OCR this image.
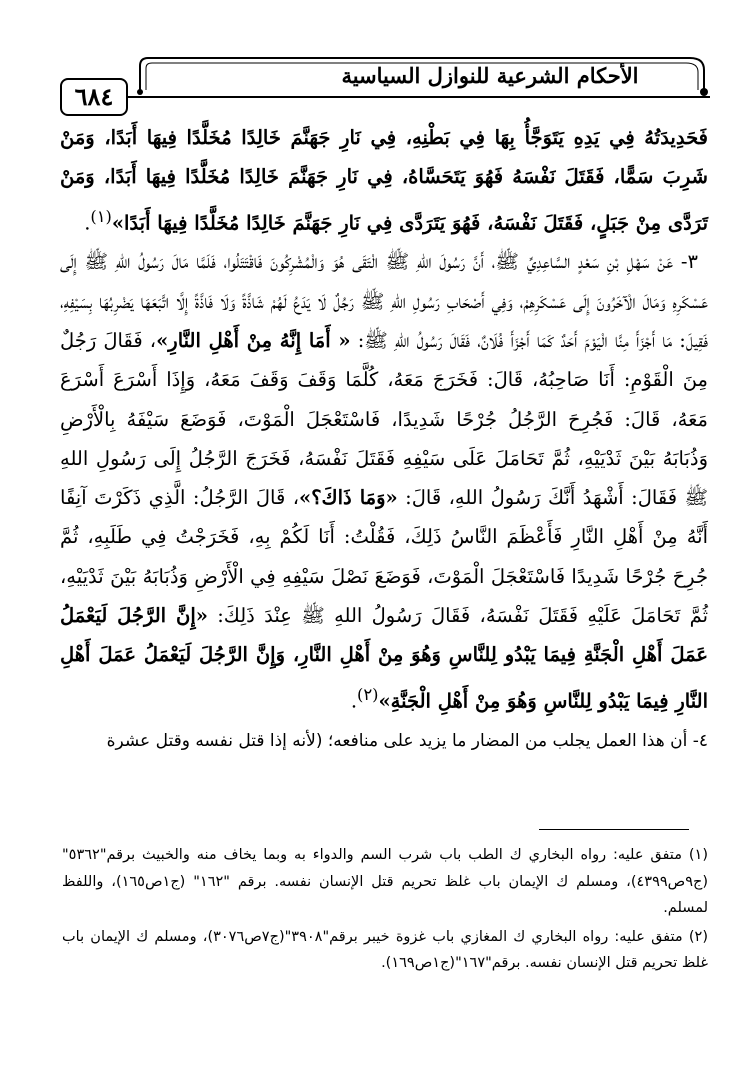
الأحكام الشرعية للنوازل السياسية
٦٨٤

فَحَدِيدَتُهُ فِي يَدِهِ يَتَوَجَّأُ بِهَا فِي بَطْنِهِ، فِي نَارِ جَهَنَّمَ خَالِدًا مُخَلَّدًا فِيهَا أَبَدًا، وَمَنْ شَرِبَ سَمًّا، فَقَتَلَ نَفْسَهُ فَهُوَ يَتَحَسَّاهُ، فِي نَارِ جَهَنَّمَ خَالِدًا مُخَلَّدًا فِيهَا أَبَدًا، وَمَنْ تَرَدَّى مِنْ جَبَلٍ، فَقَتَلَ نَفْسَهُ، فَهُوَ يَتَرَدَّى فِي نَارِ جَهَنَّمَ خَالِدًا مُخَلَّدًا فِيهَا أَبَدًا»$^{(١)}$.

٣- عَنْ سَهْلِ بْنِ سَعْدٍ السَّاعِدِيِّ ﷺ، أَنَّ رَسُولَ اللهِ ﷺ الْتَقَى هُوَ وَالْمُشْرِكُونَ فَاقْتَتَلُوا، فَلَمَّا مَالَ رَسُولُ اللهِ ﷺ إِلَى عَسْكَرِهِ وَمَالَ الْآخَرُونَ إِلَى عَسْكَرِهِمْ، وَفِي أَصْحَابِ رَسُولِ اللهِ ﷺ رَجُلٌ لَا يَدَعُ لَهُمْ شَاذَّةً وَلَا فَاذَّةً إِلَّا اتَّبَعَهَا يَضْرِبُهَا بِسَيْفِهِ، فَقِيلَ: مَا أَجْزَأَ مِنَّا الْيَوْمَ أَحَدٌ كَمَا أَجْزَأَ فُلَانٌ، فَقَالَ رَسُولُ اللهِ ﷺ: « أَمَا إِنَّهُ مِنْ أَهْلِ النَّارِ»، فَقَالَ رَجُلٌ مِنَ الْقَوْمِ: أَنَا صَاحِبُهُ، قَالَ: فَخَرَجَ مَعَهُ، كُلَّمَا وَقَفَ وَقَفَ مَعَهُ، وَإِذَا أَسْرَعَ أَسْرَعَ مَعَهُ، قَالَ: فَجُرِحَ الرَّجُلُ جُرْحًا شَدِيدًا، فَاسْتَعْجَلَ الْمَوْتَ، فَوَضَعَ سَيْفَهُ بِالْأَرْضِ وَذُبَابَهُ بَيْنَ ثَدْيَيْهِ، ثُمَّ تَحَامَلَ عَلَى سَيْفِهِ فَقَتَلَ نَفْسَهُ، فَخَرَجَ الرَّجُلُ إِلَى رَسُولِ اللهِ ﷺ فَقَالَ: أَشْهَدُ أَنَّكَ رَسُولُ اللهِ، قَالَ: «وَمَا ذَاكَ؟»، قَالَ الرَّجُلُ: الَّذِي ذَكَرْتَ آنِفًا أَنَّهُ مِنْ أَهْلِ النَّارِ فَأَعْظَمَ النَّاسُ ذَلِكَ، فَقُلْتُ: أَنَا لَكُمْ بِهِ، فَخَرَجْتُ فِي طَلَبِهِ، ثُمَّ جُرِحَ جُرْحًا شَدِيدًا فَاسْتَعْجَلَ الْمَوْتَ، فَوَضَعَ نَصْلَ سَيْفِهِ فِي الْأَرْضِ وَذُبَابَهُ بَيْنَ ثَدْيَيْهِ، ثُمَّ تَحَامَلَ عَلَيْهِ فَقَتَلَ نَفْسَهُ، فَقَالَ رَسُولُ اللهِ ﷺ عِنْدَ ذَلِكَ: «إِنَّ الرَّجُلَ لَيَعْمَلُ عَمَلَ أَهْلِ الْجَنَّةِ فِيمَا يَبْدُو لِلنَّاسِ وَهُوَ مِنْ أَهْلِ النَّارِ، وَإِنَّ الرَّجُلَ لَيَعْمَلُ عَمَلَ أَهْلِ النَّارِ فِيمَا يَبْدُو لِلنَّاسِ وَهُوَ مِنْ أَهْلِ الْجَنَّةِ»$^{(٢)}$.

٤- أن هذا العمل يجلب من المضار ما يزيد على منافعه؛ (لأنه إذا قتل نفسه وقتل عشرة

(١) متفق عليه: رواه البخاري ك الطب باب شرب السم والدواء به وبما يخاف منه والخبيث برقم"٥٣٦٢" (ج٩ص٤٣٩٩)، ومسلم ك الإيمان باب غلظ تحريم قتل الإنسان نفسه. برقم "١٦٢" (ج١ص١٦٥)، واللفظ لمسلم.

(٢) متفق عليه: رواه البخاري ك المغازي باب غزوة خيبر برقم"٣٩٠٨"(ج٧ص٣٠٧٦)، ومسلم ك الإيمان باب غلظ تحريم قتل الإنسان نفسه. برقم"١٦٧"(ج١ص١٦٩).
